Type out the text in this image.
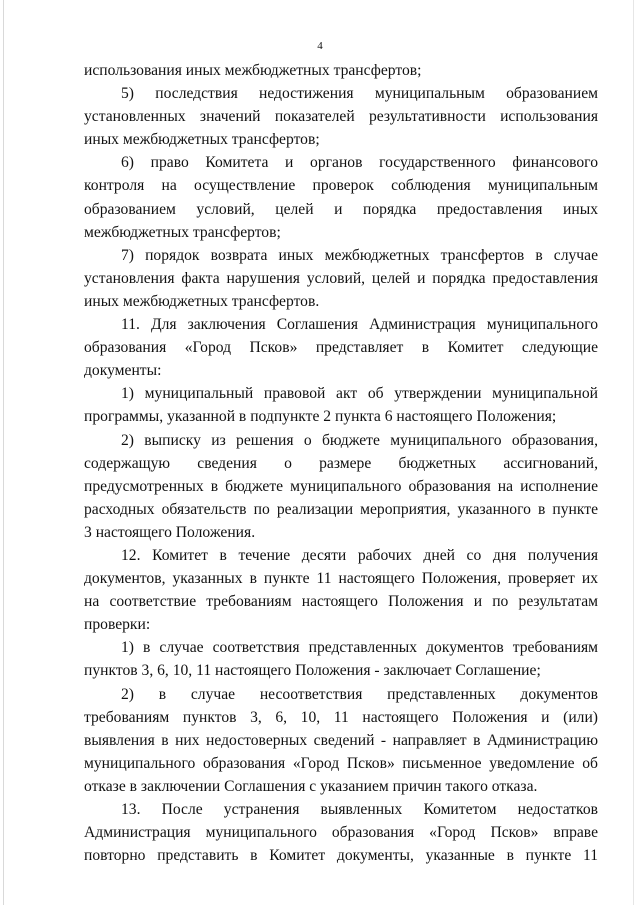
4
использования иных межбюджетных трансфертов;
5) последствия недостижения муниципальным образованием
установленных значений показателей результативности использования
иных межбюджетных трансфертов;
6) право Комитета и органов государственного финансового
контроля на осуществление проверок соблюдения муниципальным
образованием условий, целей и порядка предоставления иных
межбюджетных трансфертов;
7) порядок возврата иных межбюджетных трансфертов в случае
установления факта нарушения условий, целей и порядка предоставления
иных межбюджетных трансфертов.
11. Для заключения Соглашения Администрация муниципального
образования «Город Псков» представляет в Комитет следующие
документы:
1) муниципальный правовой акт об утверждении муниципальной
программы, указанной в подпункте 2 пункта 6 настоящего Положения;
2) выписку из решения о бюджете муниципального образования,
содержащую сведения о размере бюджетных ассигнований,
предусмотренных в бюджете муниципального образования на исполнение
расходных обязательств по реализации мероприятия, указанного в пункте
3 настоящего Положения.
12. Комитет в течение десяти рабочих дней со дня получения
документов, указанных в пункте 11 настоящего Положения, проверяет их
на соответствие требованиям настоящего Положения и по результатам
проверки:
1) в случае соответствия представленных документов требованиям
пунктов 3, 6, 10, 11 настоящего Положения - заключает Соглашение;
2) в случае несоответствия представленных документов
требованиям пунктов 3, 6, 10, 11 настоящего Положения и (или)
выявления в них недостоверных сведений - направляет в Администрацию
муниципального образования «Город Псков» письменное уведомление об
отказе в заключении Соглашения с указанием причин такого отказа.
13. После устранения выявленных Комитетом недостатков
Администрация муниципального образования «Город Псков» вправе
повторно представить в Комитет документы, указанные в пункте 11
